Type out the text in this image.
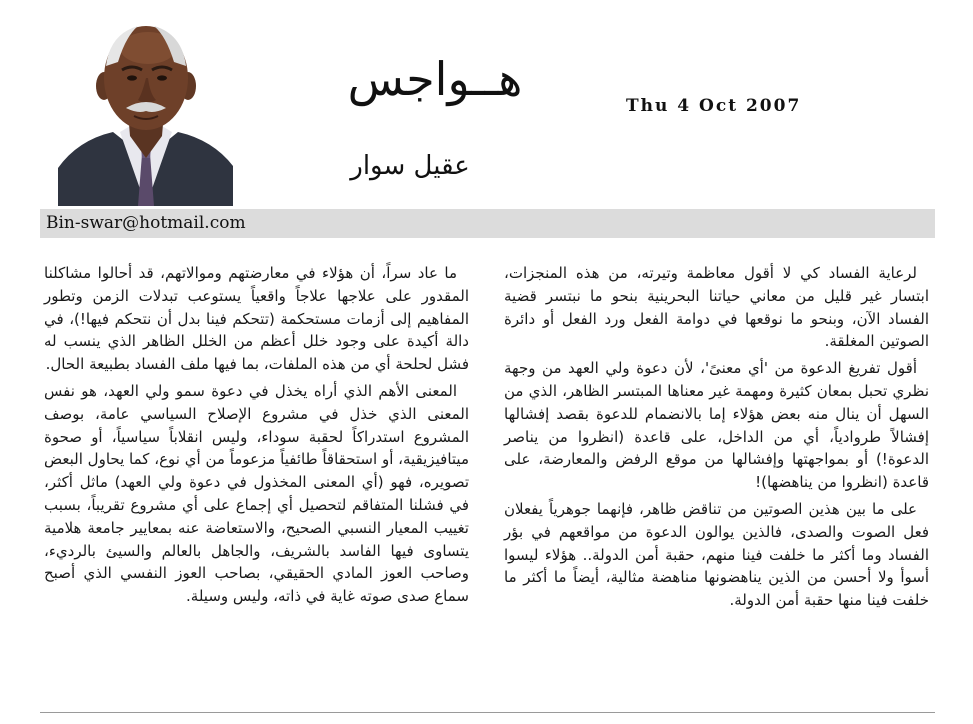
هــواجس
عقيل سوار
Thu 4 Oct 2007
Bin-swar@hotmail.com

لرعاية الفساد كي لا أقول معاظمة وتيرته، من هذه المنجزات، ابتسار غير قليل من معاني حياتنا البحرينية بنحو ما نبتسر قضية الفساد الآن، وبنحو ما نوقعها في دوامة الفعل ورد الفعل أو دائرة الصوتين المغلقة.

أقول تفريغ الدعوة من 'أي معنىً'، لأن دعوة ولي العهد من وجهة نظري تحبل بمعان كثيرة ومهمة غير معناها المبتسر الظاهر، الذي من السهل أن ينال منه بعض هؤلاء إما بالانضمام للدعوة بقصد إفشالها إفشالاً طروادياً، أي من الداخل، على قاعدة (انظروا من يناصر الدعوة!) أو بمواجهتها وإفشالها من موقع الرفض والمعارضة، على قاعدة (انظروا من يناهضها)!

على ما بين هذين الصوتين من تناقض ظاهر، فإنهما جوهرياً يفعلان فعل الصوت والصدى، فالذين يوالون الدعوة من مواقعهم في بؤر الفساد وما أكثر ما خلفت فينا منهم، حقبة أمن الدولة.. هؤلاء ليسوا أسوأ ولا أحسن من الذين يناهضونها مناهضة مثالية، أيضاً ما أكثر ما خلفت فينا منها حقبة أمن الدولة.

ما عاد سراً، أن هؤلاء في معارضتهم وموالاتهم، قد أحالوا مشاكلنا المقدور على علاجها علاجاً واقعياً يستوعب تبدلات الزمن وتطور المفاهيم إلى أزمات مستحكمة (تتحكم فينا بدل أن نتحكم فيها!)، في دالة أكيدة على وجود خلل أعظم من الخلل الظاهر الذي ينسب له فشل لحلحة أي من هذه الملفات، بما فيها ملف الفساد بطبيعة الحال.

المعنى الأهم الذي أراه يخذل في دعوة سمو ولي العهد، هو نفس المعنى الذي خذل في مشروع الإصلاح السياسي عامة، بوصف المشروع استدراكاً لحقبة سوداء، وليس انقلاباً سياسياً، أو صحوة ميتافيزيقية، أو استحقاقاً طائفياً مزعوماً من أي نوع، كما يحاول البعض تصويره، فهو (أي المعنى المخذول في دعوة ولي العهد) ماثل أكثر، في فشلنا المتفاقم لتحصيل أي إجماع على أي مشروع تقريباً، بسبب تغييب المعيار النسبي الصحيح، والاستعاضة عنه بمعايير جامعة هلامية يتساوى فيها الفاسد بالشريف، والجاهل بالعالم والسيئ بالرديء، وصاحب العوز المادي الحقيقي، بصاحب العوز النفسي الذي أصبح سماع صدى صوته غاية في ذاته، وليس وسيلة.
